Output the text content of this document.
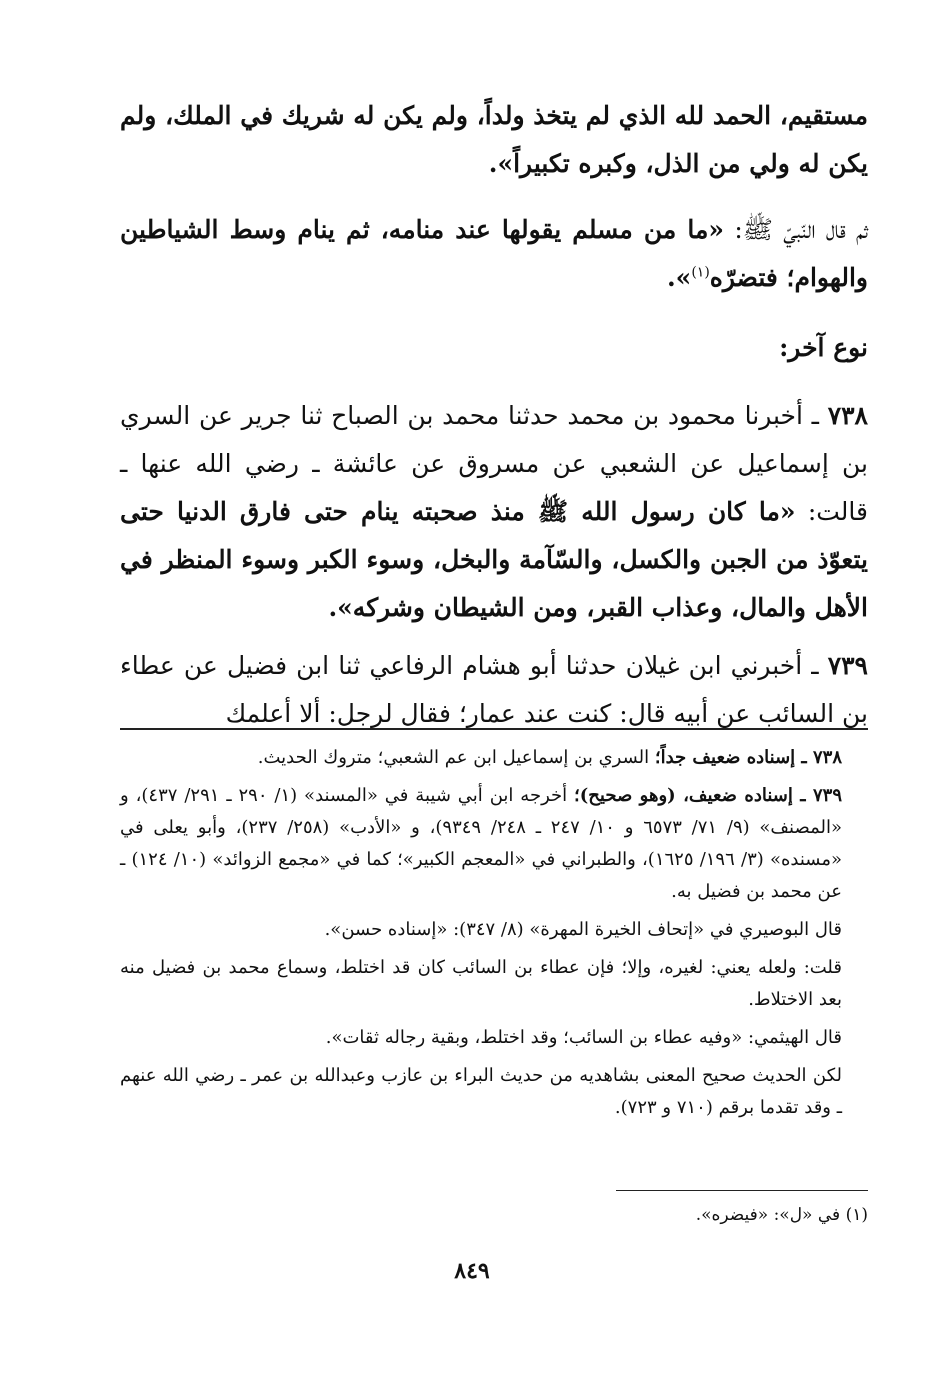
مستقيم، الحمد لله الذي لم يتخذ ولداً، ولم يكن له شريك في الملك، ولم يكن له ولي من الذل، وكبره تكبيراً».

ثم قال النّبيّ ﷺ: «ما من مسلم يقولها عند منامه، ثم ينام وسط الشياطين والهوام؛ فتضرّه$^{(١)}$».

نوع آخر:

٧٣٨ ـ أخبرنا محمود بن محمد حدثنا محمد بن الصباح ثنا جرير عن السري بن إسماعيل عن الشعبي عن مسروق عن عائشة ـ رضي الله عنها ـ قالت: «ما كان رسول الله ﷺ منذ صحبته ينام حتى فارق الدنيا حتى يتعوّذ من الجبن والكسل، والسّآمة والبخل، وسوء الكبر وسوء المنظر في الأهل والمال، وعذاب القبر، ومن الشيطان وشركه».

٧٣٩ ـ أخبرني ابن غيلان حدثنا أبو هشام الرفاعي ثنا ابن فضيل عن عطاء بن السائب عن أبيه قال: كنت عند عمار؛ فقال لرجل: ألا أعلمك

٧٣٨ ـ إسناده ضعيف جداً؛ السري بن إسماعيل ابن عم الشعبي؛ متروك الحديث.

٧٣٩ ـ إسناده ضعيف، (وهو صحيح)؛ أخرجه ابن أبي شيبة في «المسند» (١/ ٢٩٠ ـ ٢٩١/ ٤٣٧)، و «المصنف» (٩/ ٧١/ ٦٥٧٣ و ١٠/ ٢٤٧ ـ ٢٤٨/ ٩٣٤٩)، و «الأدب» (٢٥٨/ ٢٣٧)، وأبو يعلى في «مسنده» (٣/ ١٩٦/ ١٦٢٥)، والطبراني في «المعجم الكبير»؛ كما في «مجمع الزوائد» (١٠/ ١٢٤) ـ عن محمد بن فضيل به.

قال البوصيري في «إتحاف الخيرة المهرة» (٨/ ٣٤٧): «إسناده حسن».

قلت: ولعله يعني: لغيره، وإلا؛ فإن عطاء بن السائب كان قد اختلط، وسماع محمد بن فضيل منه بعد الاختلاط.

قال الهيثمي: «وفيه عطاء بن السائب؛ وقد اختلط، وبقية رجاله ثقات».

لكن الحديث صحيح المعنى بشاهديه من حديث البراء بن عازب وعبدالله بن عمر ـ رضي الله عنهم ـ وقد تقدما برقم (٧١٠ و ٧٢٣).

(١) في «ل»: «فيضره».
٨٤٩
